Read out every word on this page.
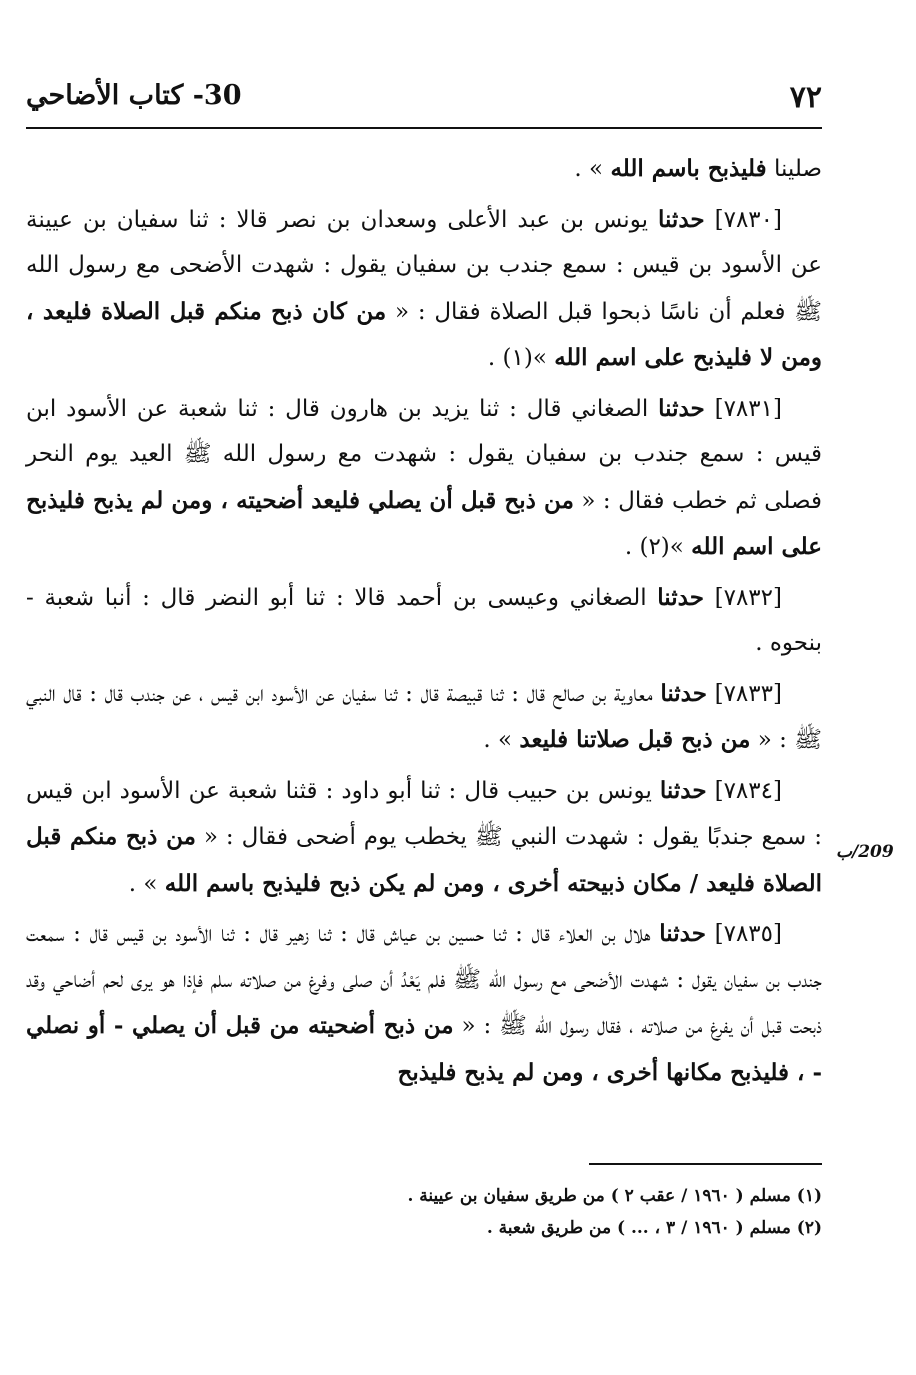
٧٢
30- كتاب الأضاحي

صلينا فليذبح باسم الله » .

[٧٨٣٠] حدثنا يونس بن عبد الأعلى وسعدان بن نصر قالا : ثنا سفيان بن عيينة عن الأسود بن قيس : سمع جندب بن سفيان يقول : شهدت الأضحى مع رسول الله ﷺ فعلم أن ناسًا ذبحوا قبل الصلاة فقال : « من كان ذبح منكم قبل الصلاة فليعد ، ومن لا فليذبح على اسم الله »(١) .

[٧٨٣١] حدثنا الصغاني قال : ثنا يزيد بن هارون قال : ثنا شعبة عن الأسود ابن قيس : سمع جندب بن سفيان يقول : شهدت مع رسول الله ﷺ العيد يوم النحر فصلى ثم خطب فقال : « من ذبح قبل أن يصلي فليعد أضحيته ، ومن لم يذبح فليذبح على اسم الله »(٢) .

[٧٨٣٢] حدثنا الصغاني وعيسى بن أحمد قالا : ثنا أبو النضر قال : أنبا شعبة - بنحوه .

[٧٨٣٣] حدثنا معاوية بن صالح قال : ثنا قبيصة قال : ثنا سفيان عن الأسود ابن قيس ، عن جندب قال : قال النبي ﷺ : « من ذبح قبل صلاتنا فليعد » .

[٧٨٣٤] حدثنا يونس بن حبيب قال : ثنا أبو داود : قثنا شعبة عن الأسود ابن قيس : سمع جندبًا يقول : شهدت النبي ﷺ يخطب يوم أضحى فقال : « من ذبح منكم قبل الصلاة فليعد / مكان ذبيحته أخرى ، ومن لم يكن ذبح فليذبح باسم الله » .

[٧٨٣٥] حدثنا هلال بن العلاء قال : ثنا حسين بن عياش قال : ثنا زهير قال : ثنا الأسود بن قيس قال : سمعت جندب بن سفيان يقول : شهدت الأضحى مع رسول الله ﷺ فلم يَعْدُ أن صلى وفرغ من صلاته سلم فإذا هو يرى لحم أضاحي وقد ذبحت قبل أن يفرغ من صلاته ، فقال رسول الله ﷺ : « من ذبح أضحيته من قبل أن يصلي - أو نصلي - ، فليذبح مكانها أخرى ، ومن لم يذبح فليذبح

209/ب
(١) مسلم ( ١٩٦٠ / عقب ٢ ) من طريق سفيان بن عيينة .
(٢) مسلم ( ١٩٦٠ / ٣ ، ... ) من طريق شعبة .
